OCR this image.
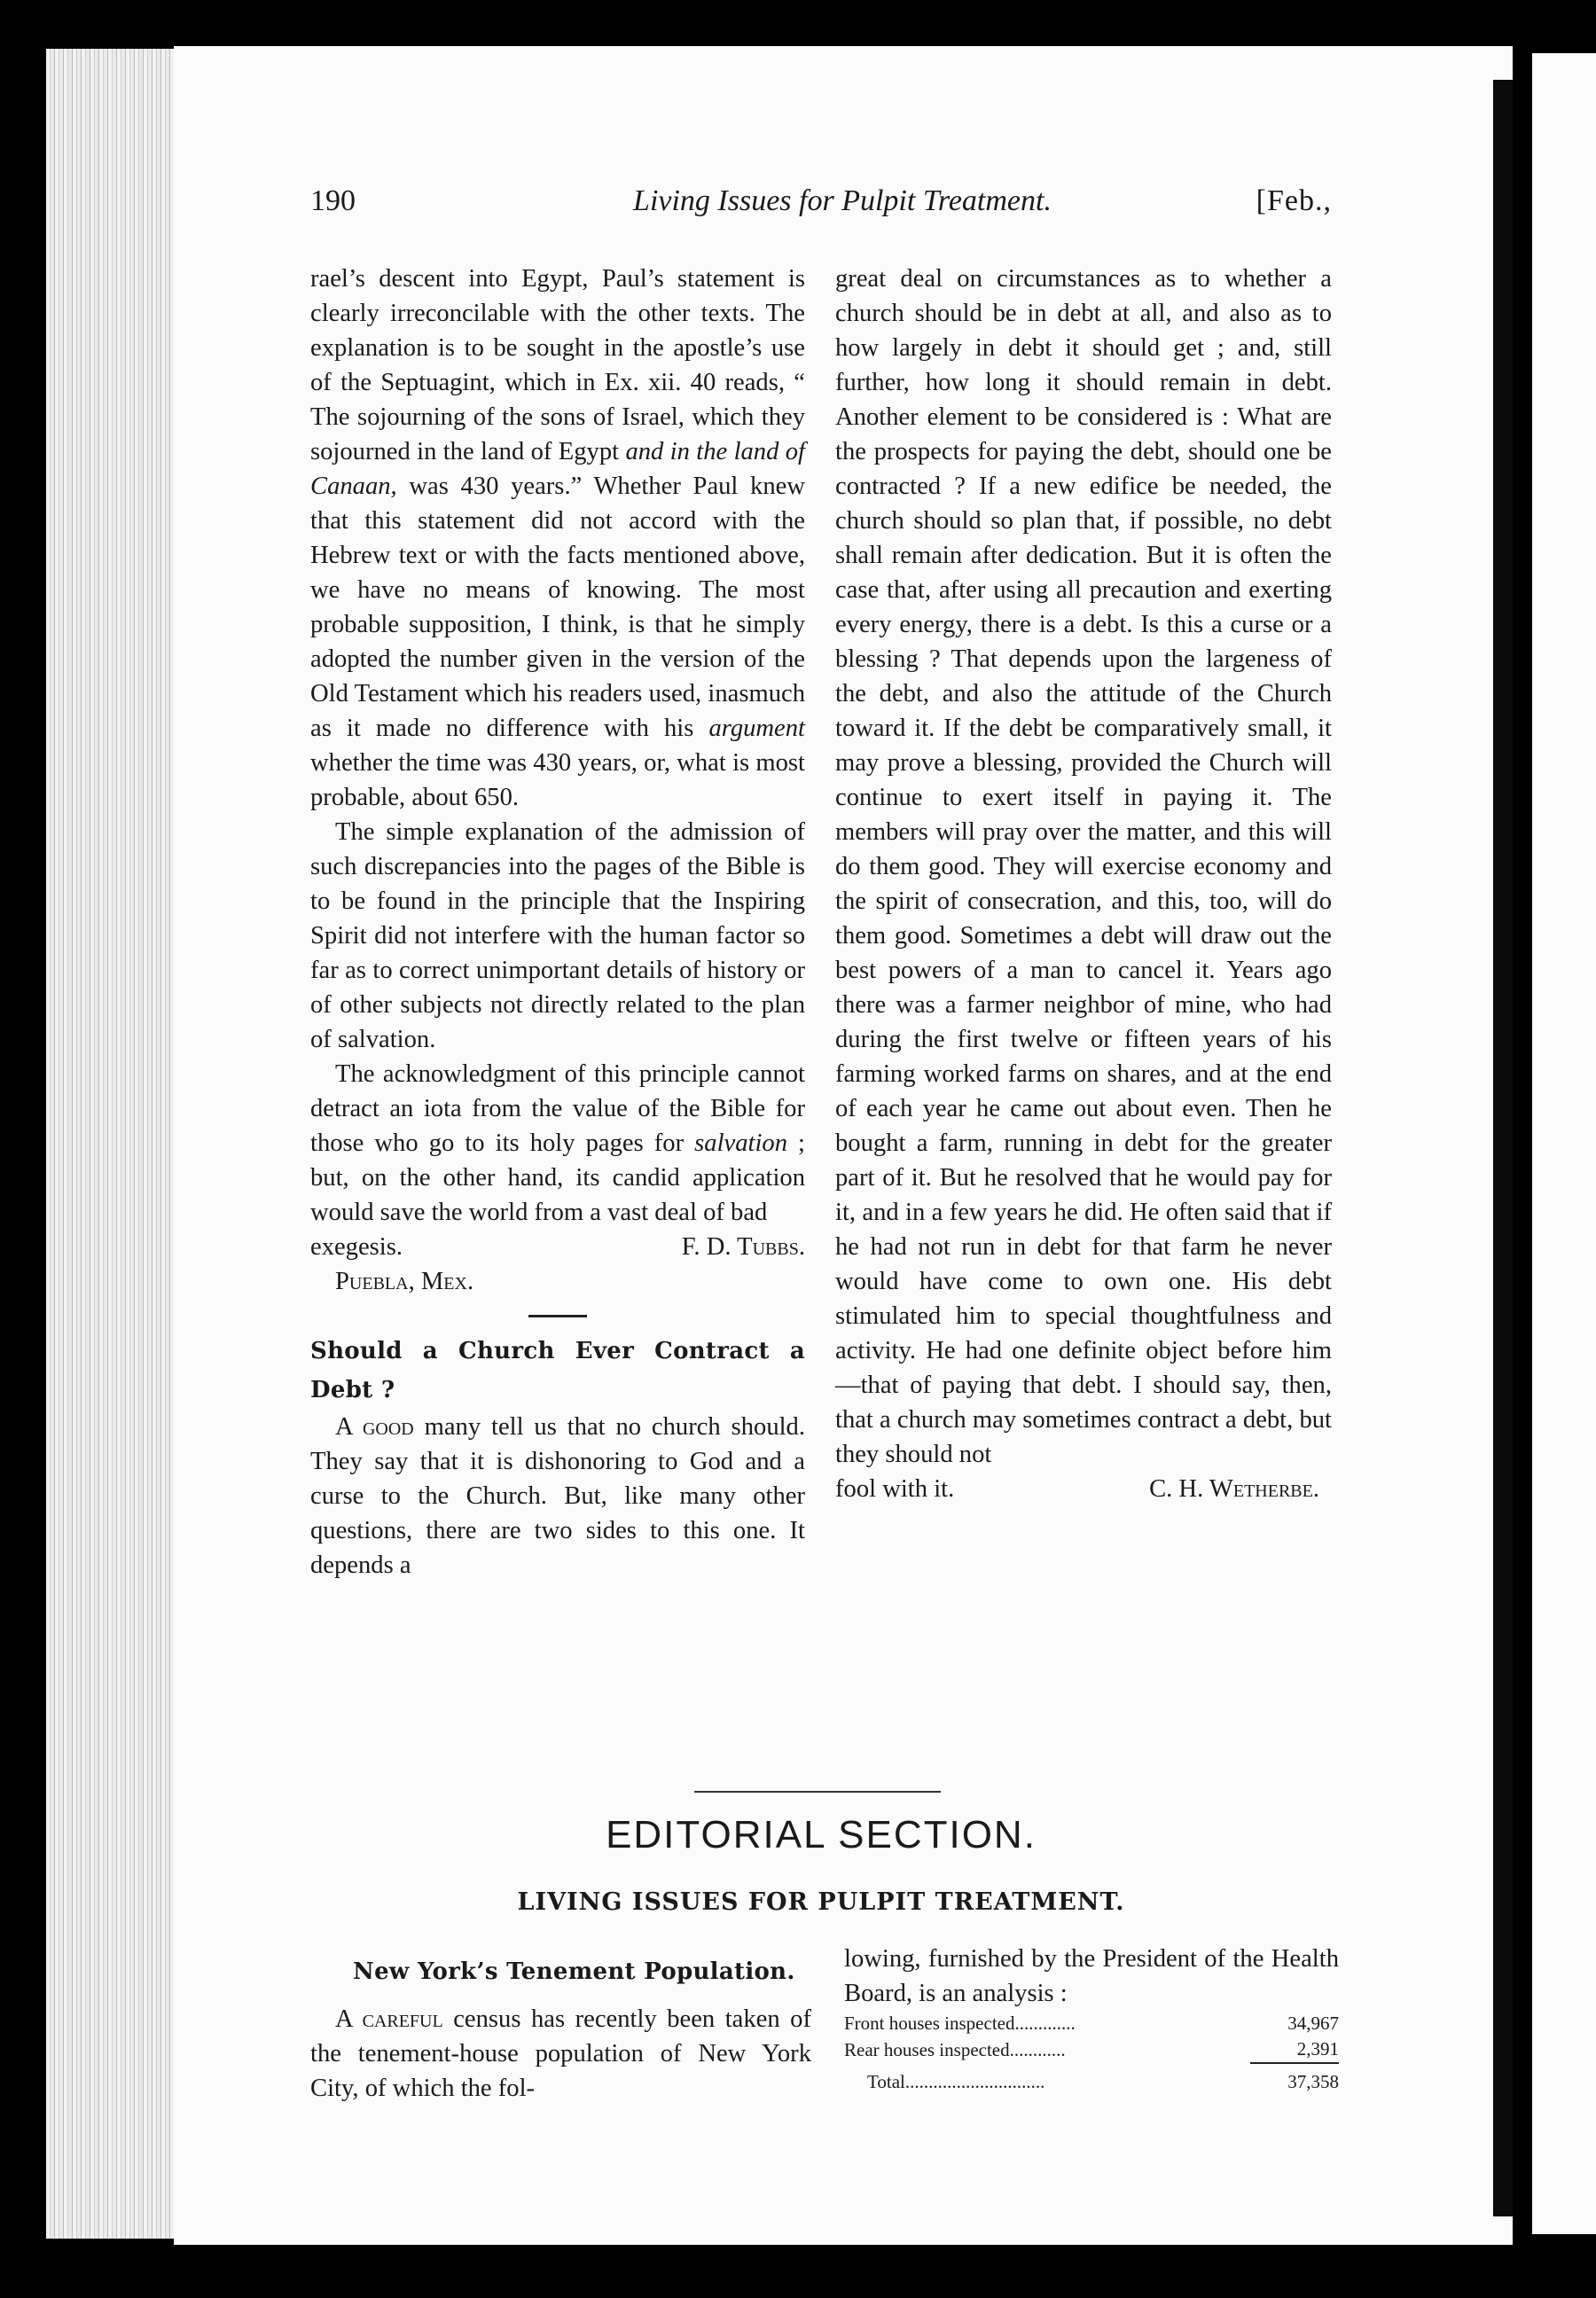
190	Living Issues for Pulpit Treatment.	[Feb.,

rael’s descent into Egypt, Paul’s statement is clearly irreconcilable with the other texts. The explanation is to be sought in the apostle’s use of the Septuagint, which in Ex. xii. 40 reads, “ The sojourning of the sons of Israel, which they sojourned in the land of Egypt and in the land of Canaan, was 430 years.” Whether Paul knew that this statement did not accord with the Hebrew text or with the facts mentioned above, we have no means of knowing. The most probable supposition, I think, is that he simply adopted the number given in the version of the Old Testament which his readers used, inasmuch as it made no difference with his argument whether the time was 430 years, or, what is most probable, about 650.

The simple explanation of the admission of such discrepancies into the pages of the Bible is to be found in the principle that the Inspiring Spirit did not interfere with the human factor so far as to correct unimportant details of history or of other subjects not directly related to the plan of salvation.

The acknowledgment of this principle cannot detract an iota from the value of the Bible for those who go to its holy pages for salvation ; but, on the other hand, its candid application would save the world from a vast deal of bad

exegesis.	F. D. Tubbs.
Puebla, Mex.
Should a Church Ever Contract a Debt ?

A good many tell us that no church should. They say that it is dishonoring to God and a curse to the Church. But, like many other questions, there are two sides to this one. It depends a

great deal on circumstances as to whether a church should be in debt at all, and also as to how largely in debt it should get ; and, still further, how long it should remain in debt. Another element to be considered is : What are the prospects for paying the debt, should one be contracted ? If a new edifice be needed, the church should so plan that, if possible, no debt shall remain after dedication. But it is often the case that, after using all precaution and exerting every energy, there is a debt. Is this a curse or a blessing ? That depends upon the largeness of the debt, and also the attitude of the Church toward it. If the debt be comparatively small, it may prove a blessing, provided the Church will continue to exert itself in paying it. The members will pray over the matter, and this will do them good. They will exercise economy and the spirit of consecration, and this, too, will do them good. Sometimes a debt will draw out the best powers of a man to cancel it. Years ago there was a farmer neighbor of mine, who had during the first twelve or fifteen years of his farming worked farms on shares, and at the end of each year he came out about even. Then he bought a farm, running in debt for the greater part of it. But he resolved that he would pay for it, and in a few years he did. He often said that if he had not run in debt for that farm he never would have come to own one. His debt stimulated him to special thoughtfulness and activity. He had one definite object before him—that of paying that debt. I should say, then, that a church may sometimes contract a debt, but they should not

fool with it.	C. H. Wetherbe.
EDITORIAL SECTION.
LIVING ISSUES FOR PULPIT TREATMENT.
New York’s Tenement Population.

A careful census has recently been taken of the tenement-house population of New York City, of which the fol-

lowing, furnished by the President of the Health Board, is an analysis :

Front houses inspected.............	34,967
Rear houses inspected............	2,391
Total..............................	37,358
